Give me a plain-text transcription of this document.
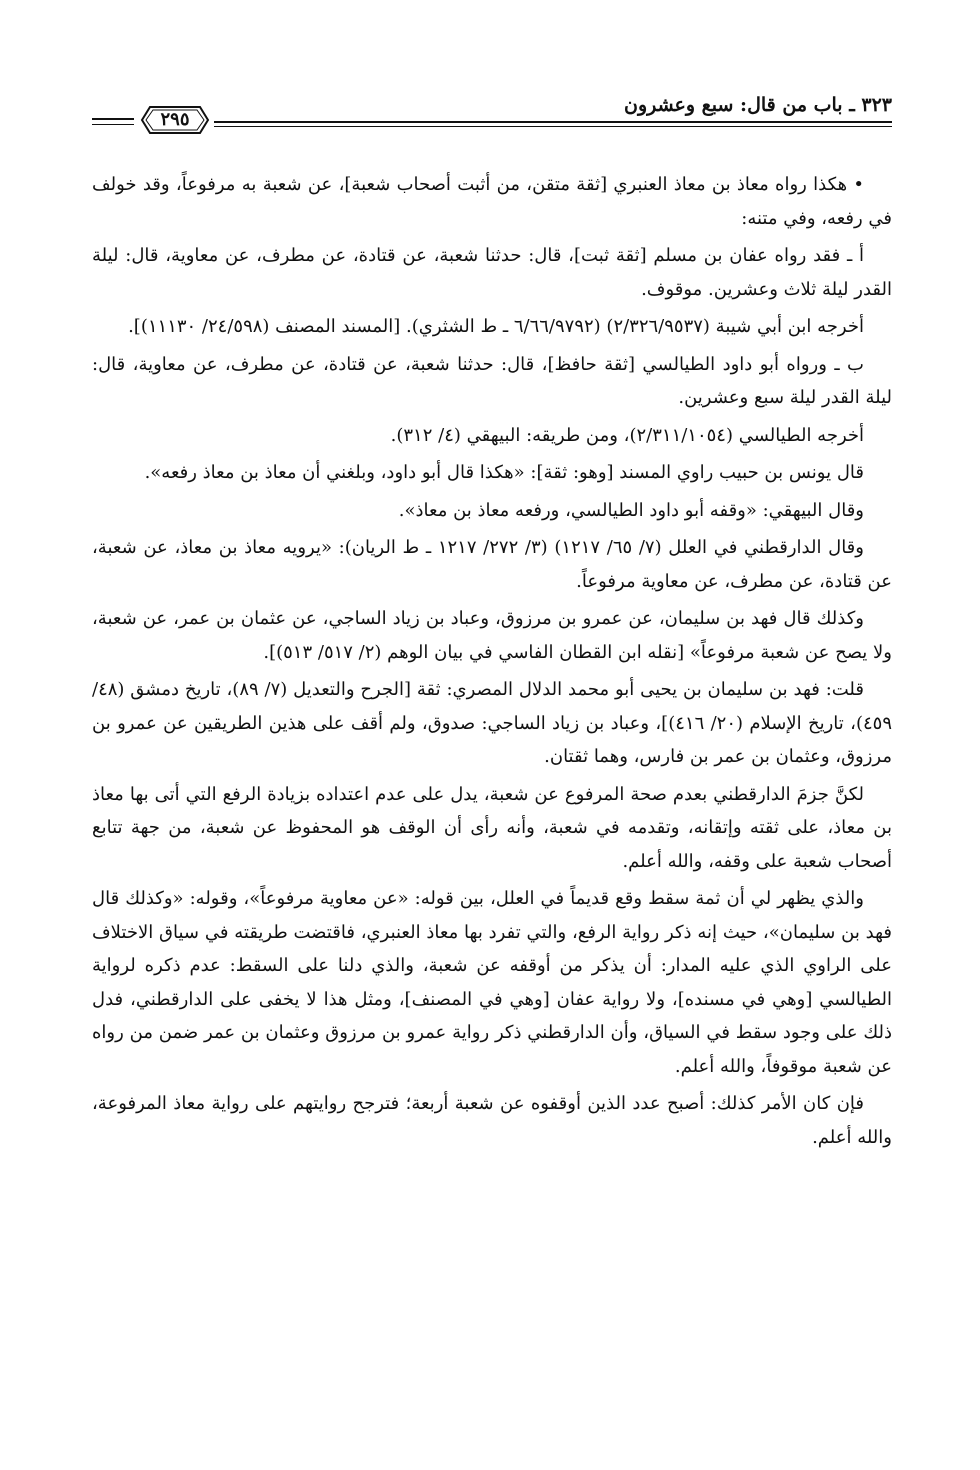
٣٢٣ ـ باب من قال: سبع وعشرون
٢٩٥

• هكذا رواه معاذ بن معاذ العنبري [ثقة متقن، من أثبت أصحاب شعبة]، عن شعبة به مرفوعاً، وقد خولف في رفعه، وفي متنه:

أ ـ فقد رواه عفان بن مسلم [ثقة ثبت]، قال: حدثنا شعبة، عن قتادة، عن مطرف، عن معاوية، قال: ليلة القدر ليلة ثلاث وعشرين. موقوف.

أخرجه ابن أبي شيبة (٢/٣٢٦/٩٥٣٧) (٦/٦٦/٩٧٩٢ ـ ط الشثري). [المسند المصنف (٢٤/٥٩٨/ ١١١٣٠)].

ب ـ ورواه أبو داود الطيالسي [ثقة حافظ]، قال: حدثنا شعبة، عن قتادة، عن مطرف، عن معاوية، قال: ليلة القدر ليلة سبع وعشرين.

أخرجه الطيالسي (٢/٣١١/١٠٥٤)، ومن طريقه: البيهقي (٤/ ٣١٢).

قال يونس بن حبيب راوي المسند [وهو: ثقة]: «هكذا قال أبو داود، وبلغني أن معاذ بن معاذ رفعه».

وقال البيهقي: «وقفه أبو داود الطيالسي، ورفعه معاذ بن معاذ».

وقال الدارقطني في العلل (٧/ ٦٥/ ١٢١٧) (٣/ ٢٧٢/ ١٢١٧ ـ ط الريان): «يرويه معاذ بن معاذ، عن شعبة، عن قتادة، عن مطرف، عن معاوية مرفوعاً.

وكذلك قال فهد بن سليمان، عن عمرو بن مرزوق، وعباد بن زياد الساجي، عن عثمان بن عمر، عن شعبة، ولا يصح عن شعبة مرفوعاً» [نقله ابن القطان الفاسي في بيان الوهم (٢/ ٥١٧/ ٥١٣)].

قلت: فهد بن سليمان بن يحيى أبو محمد الدلال المصري: ثقة [الجرح والتعديل (٧/ ٨٩)، تاريخ دمشق (٤٨/ ٤٥٩)، تاريخ الإسلام (٢٠/ ٤١٦)]، وعباد بن زياد الساجي: صدوق، ولم أقف على هذين الطريقين عن عمرو بن مرزوق، وعثمان بن عمر بن فارس، وهما ثقتان.

لكنَّ جزمَ الدارقطني بعدم صحة المرفوع عن شعبة، يدل على عدم اعتداده بزيادة الرفع التي أتى بها معاذ بن معاذ، على ثقته وإتقانه، وتقدمه في شعبة، وأنه رأى أن الوقف هو المحفوظ عن شعبة، من جهة تتابع أصحاب شعبة على وقفه، والله أعلم.

والذي يظهر لي أن ثمة سقط وقع قديماً في العلل، بين قوله: «عن معاوية مرفوعاً»، وقوله: «وكذلك قال فهد بن سليمان»، حيث إنه ذكر رواية الرفع، والتي تفرد بها معاذ العنبري، فاقتضت طريقته في سياق الاختلاف على الراوي الذي عليه المدار: أن يذكر من أوقفه عن شعبة، والذي دلنا على السقط: عدم ذكره لرواية الطيالسي [وهي في مسنده]، ولا رواية عفان [وهي في المصنف]، ومثل هذا لا يخفى على الدارقطني، فدل ذلك على وجود سقط في السياق، وأن الدارقطني ذكر رواية عمرو بن مرزوق وعثمان بن عمر ضمن من رواه عن شعبة موقوفاً، والله أعلم.

فإن كان الأمر كذلك: أصبح عدد الذين أوقفوه عن شعبة أربعة؛ فترجح روايتهم على رواية معاذ المرفوعة، والله أعلم.
